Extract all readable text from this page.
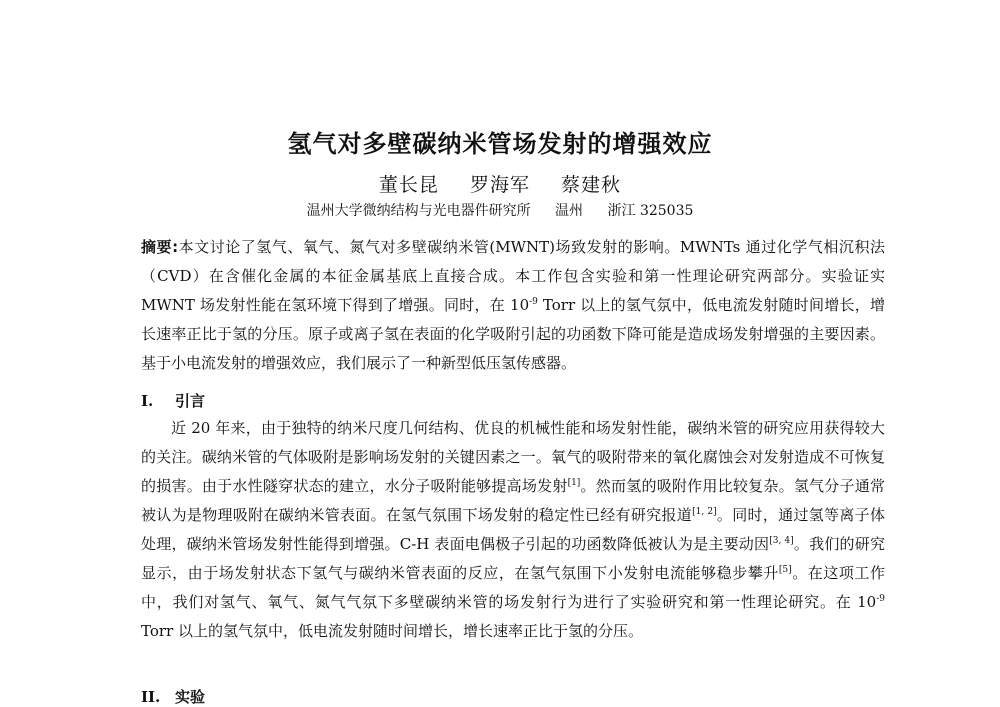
氢气对多壁碳纳米管场发射的增强效应

董长昆 罗海军 蔡建秋

温州大学微纳结构与光电器件研究所 温州 浙江 325035

摘要:本文讨论了氢气、氧气、氮气对多壁碳纳米管(MWNT)场致发射的影响。MWNTs 通过化学气相沉积法（CVD）在含催化金属的本征金属基底上直接合成。本工作包含实验和第一性理论研究两部分。实验证实 MWNT 场发射性能在氢环境下得到了增强。同时，在 $10^{-9}$ Torr 以上的氢气氛中，低电流发射随时间增长，增长速率正比于氢的分压。原子或离子氢在表面的化学吸附引起的功函数下降可能是造成场发射增强的主要因素。基于小电流发射的增强效应，我们展示了一种新型低压氢传感器。

I. 引言

近 20 年来，由于独特的纳米尺度几何结构、优良的机械性能和场发射性能，碳纳米管的研究应用获得较大的关注。碳纳米管的气体吸附是影响场发射的关键因素之一。氧气的吸附带来的氧化腐蚀会对发射造成不可恢复的损害。由于水性隧穿状态的建立，水分子吸附能够提高场发射[1]。然而氢的吸附作用比较复杂。氢气分子通常被认为是物理吸附在碳纳米管表面。在氢气氛围下场发射的稳定性已经有研究报道[1, 2]。同时，通过氢等离子体处理，碳纳米管场发射性能得到增强。C-H 表面电偶极子引起的功函数降低被认为是主要动因[3, 4]。我们的研究显示，由于场发射状态下氢气与碳纳米管表面的反应，在氢气氛围下小发射电流能够稳步攀升[5]。在这项工作中，我们对氢气、氧气、氮气气氛下多壁碳纳米管的场发射行为进行了实验研究和第一性理论研究。在 $10^{-9}$ Torr 以上的氢气氛中，低电流发射随时间增长，增长速率正比于氢的分压。

II. 实验
